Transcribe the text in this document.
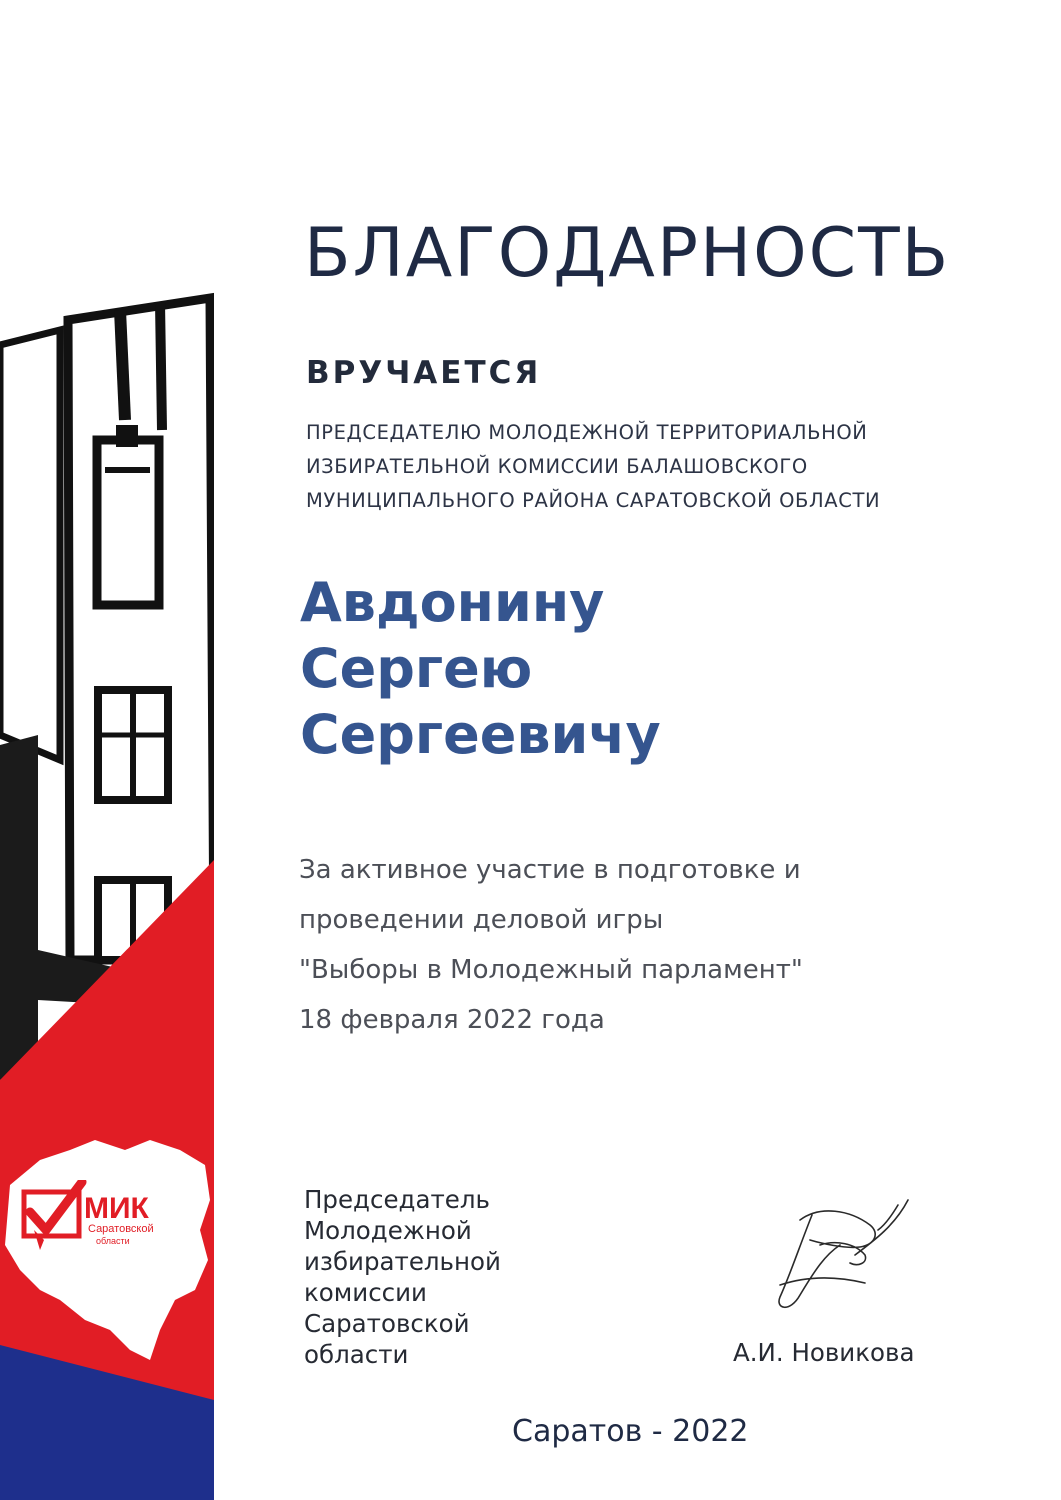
МИК
Саратовской
области
БЛАГОДАРНОСТЬ
ВРУЧАЕТСЯ
ПРЕДСЕДАТЕЛЮ МОЛОДЕЖНОЙ ТЕРРИТОРИАЛЬНОЙ
ИЗБИРАТЕЛЬНОЙ КОМИССИИ БАЛАШОВСКОГО
МУНИЦИПАЛЬНОГО РАЙОНА САРАТОВСКОЙ ОБЛАСТИ
Авдонину
Сергею
Сергеевичу
За активное участие в подготовке и
проведении деловой игры
"Выборы в Молодежный парламент"
18 февраля 2022 года
Председатель
Молодежной
избирательной
комиссии
Саратовской
области	А.И. Новикова
Саратов - 2022
